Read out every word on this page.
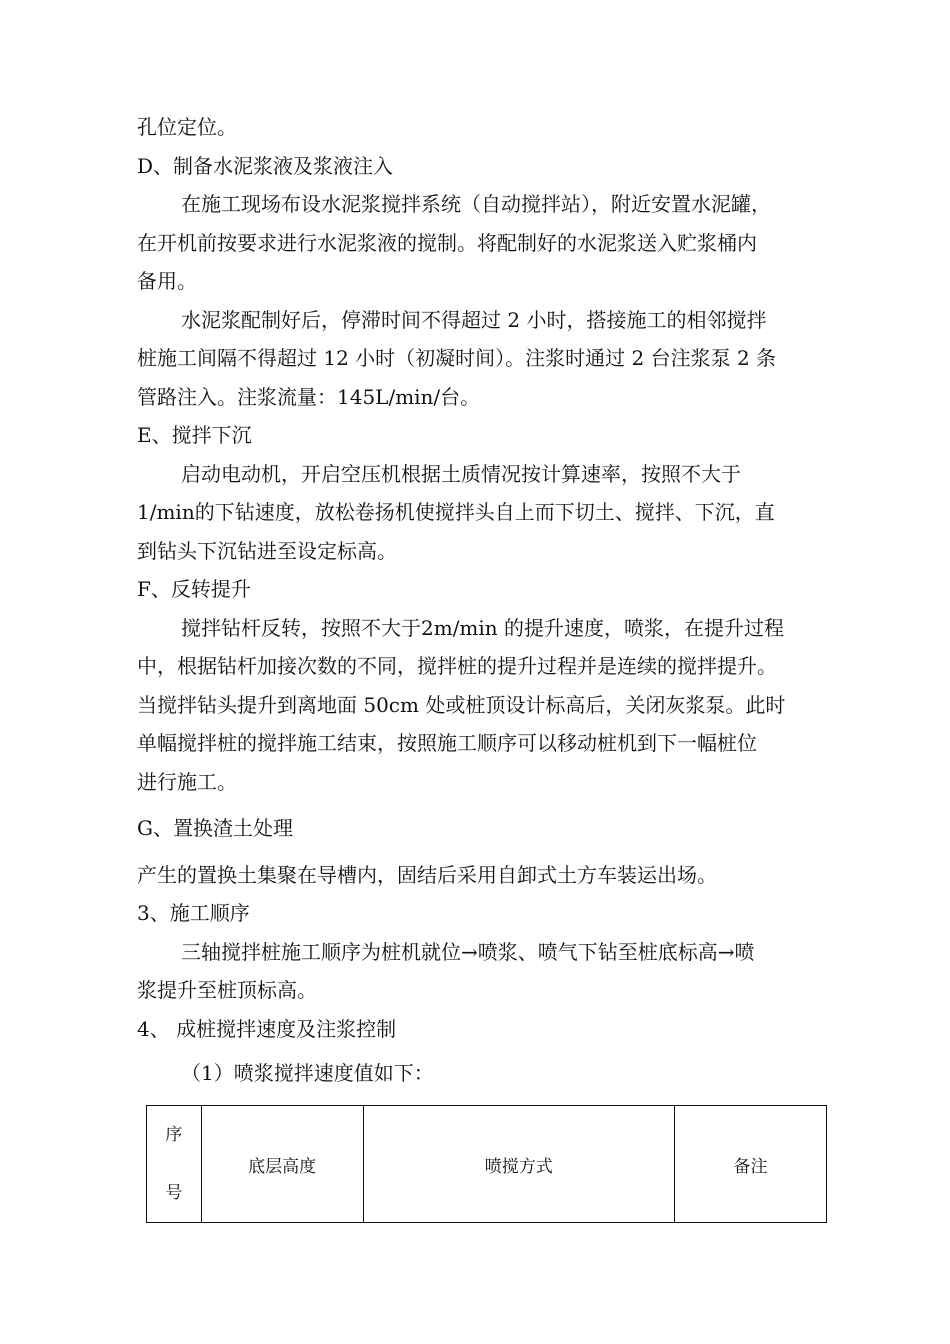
孔位定位。

D、制备水泥浆液及浆液注入

在施工现场布设水泥浆搅拌系统（自动搅拌站），附近安置水泥罐，
在开机前按要求进行水泥浆液的搅制。将配制好的水泥浆送入贮浆桶内
备用。

水泥浆配制好后，停滞时间不得超过 2 小时，搭接施工的相邻搅拌
桩施工间隔不得超过 12 小时（初凝时间）。注浆时通过 2 台注浆泵 2 条
管路注入。注浆流量：145L/min/台。

E、搅拌下沉

启动电动机，开启空压机根据土质情况按计算速率，按照不大于
1/min的下钻速度，放松卷扬机使搅拌头自上而下切土、搅拌、下沉，直
到钻头下沉钻进至设定标高。

F、反转提升

搅拌钻杆反转，按照不大于2m/min 的提升速度，喷浆，在提升过程
中，根据钻杆加接次数的不同，搅拌桩的提升过程并是连续的搅拌提升。
当搅拌钻头提升到离地面 50cm 处或桩顶设计标高后，关闭灰浆泵。此时
单幅搅拌桩的搅拌施工结束，按照施工顺序可以移动桩机到下一幅桩位
进行施工。

G、置换渣土处理

产生的置换土集聚在导槽内，固结后采用自卸式土方车装运出场。

3、施工顺序

三轴搅拌桩施工顺序为桩机就位→喷浆、喷气下钻至桩底标高→喷
浆提升至桩顶标高。

4、 成桩搅拌速度及注浆控制

（1）喷浆搅拌速度值如下：

序
号
	底层高度	喷搅方式	备注
